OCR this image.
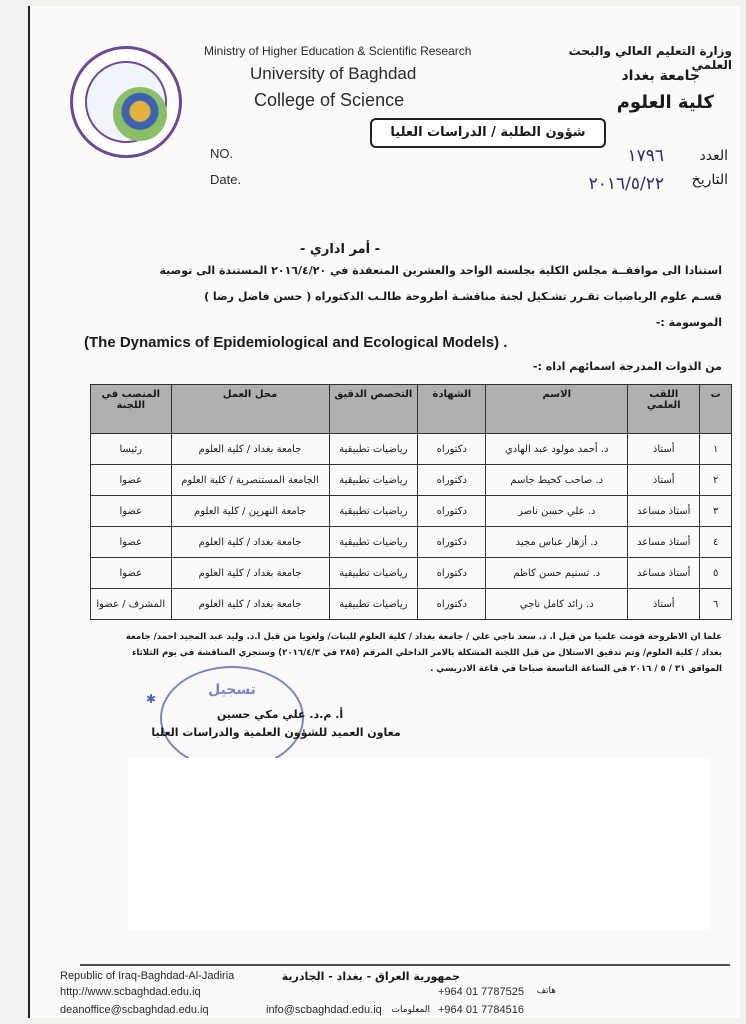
Ministry of Higher Education & Scientific Research
University of Baghdad
College of Science
وزارة التعليم العالي والبحث العلمي
جامعة بغداد
كلية العلوم
شؤون الطلبة / الدراسات العليا
NO.
Date.
العدد
١٧٩٦
التاريخ
٢٠١٦/٥/٢٢
- أمر اداري -
استنادا الى موافقــة مجلس الكلية بجلسته الواحد والعشرين المنعقدة في ٢٠١٦/٤/٢٠ المستندة الى توصية
قسـم علوم الرياضيات تقـرر تشـكيل لجنة مناقشـة أطروحة طالـب الدكتوراه ( حسن فاضل رضا )
الموسومة :-
(The Dynamics of Epidemiological and Ecological Models) .
من الذوات المدرجة اسمائهم اداه :-
ت	اللقب العلمي	الاسم	الشهادة	التخصص الدقيق	محل العمل	المنصب في اللجنة
١	أستاذ	د. أحمد مولود عبد الهادي	دكتوراه	رياضيات تطبيقية	جامعة بغداد / كلية العلوم	رئيسا
٢	أستاذ	د. صاحب كحيط جاسم	دكتوراه	رياضيات تطبيقية	الجامعة المستنصرية / كلية العلوم	عضوا
٣	أستاذ مساعد	د. علي حسن ناصر	دكتوراه	رياضيات تطبيقية	جامعة النهرين / كلية العلوم	عضوا
٤	أستاذ مساعد	د. أزهار عباس مجيد	دكتوراه	رياضيات تطبيقية	جامعة بغداد / كلية العلوم	عضوا
٥	أستاذ مساعد	د. تسنيم حسن كاظم	دكتوراه	رياضيات تطبيقية	جامعة بغداد / كلية العلوم	عضوا
٦	أستاذ	د. رائد كامل ناجي	دكتوراه	رياضيات تطبيقية	جامعة بغداد / كلية العلوم	المشرف / عضوا
علما ان الاطروحة قومت علميا من قبل أ. د. سعد ناجي علي / جامعة بغداد / كلية العلوم للبنات/ ولغويا من قبل أ.د. وليد عبد المجيد أحمد/ جامعة
بغداد / كلية العلوم/ وتم تدقيق الاستلال من قبل اللجنة المشكلة بالامر الداخلي المرقم (٢٨٥ في ٢٠١٦/٤/٣) وستجري المناقشة في يوم الثلاثاء
الموافق ٣١ / ٥ / ٢٠١٦ في الساعة التاسعة صباحا في قاعة الادريسي .
تسجيل
✱
أ. م.د. علي مكي حسين
معاون العميد للشؤون العلمية والدراسات العليا
Republic of Iraq-Baghdad-Al-Jadiria
http://www.scbaghdad.edu.iq
deanoffice@scbaghdad.edu.iq
جمهورية العراق - بغداد - الجادرية
info@scbaghdad.edu.iq	المعلومات
+964 01 7787525	هاتف
+964 01 7784516
